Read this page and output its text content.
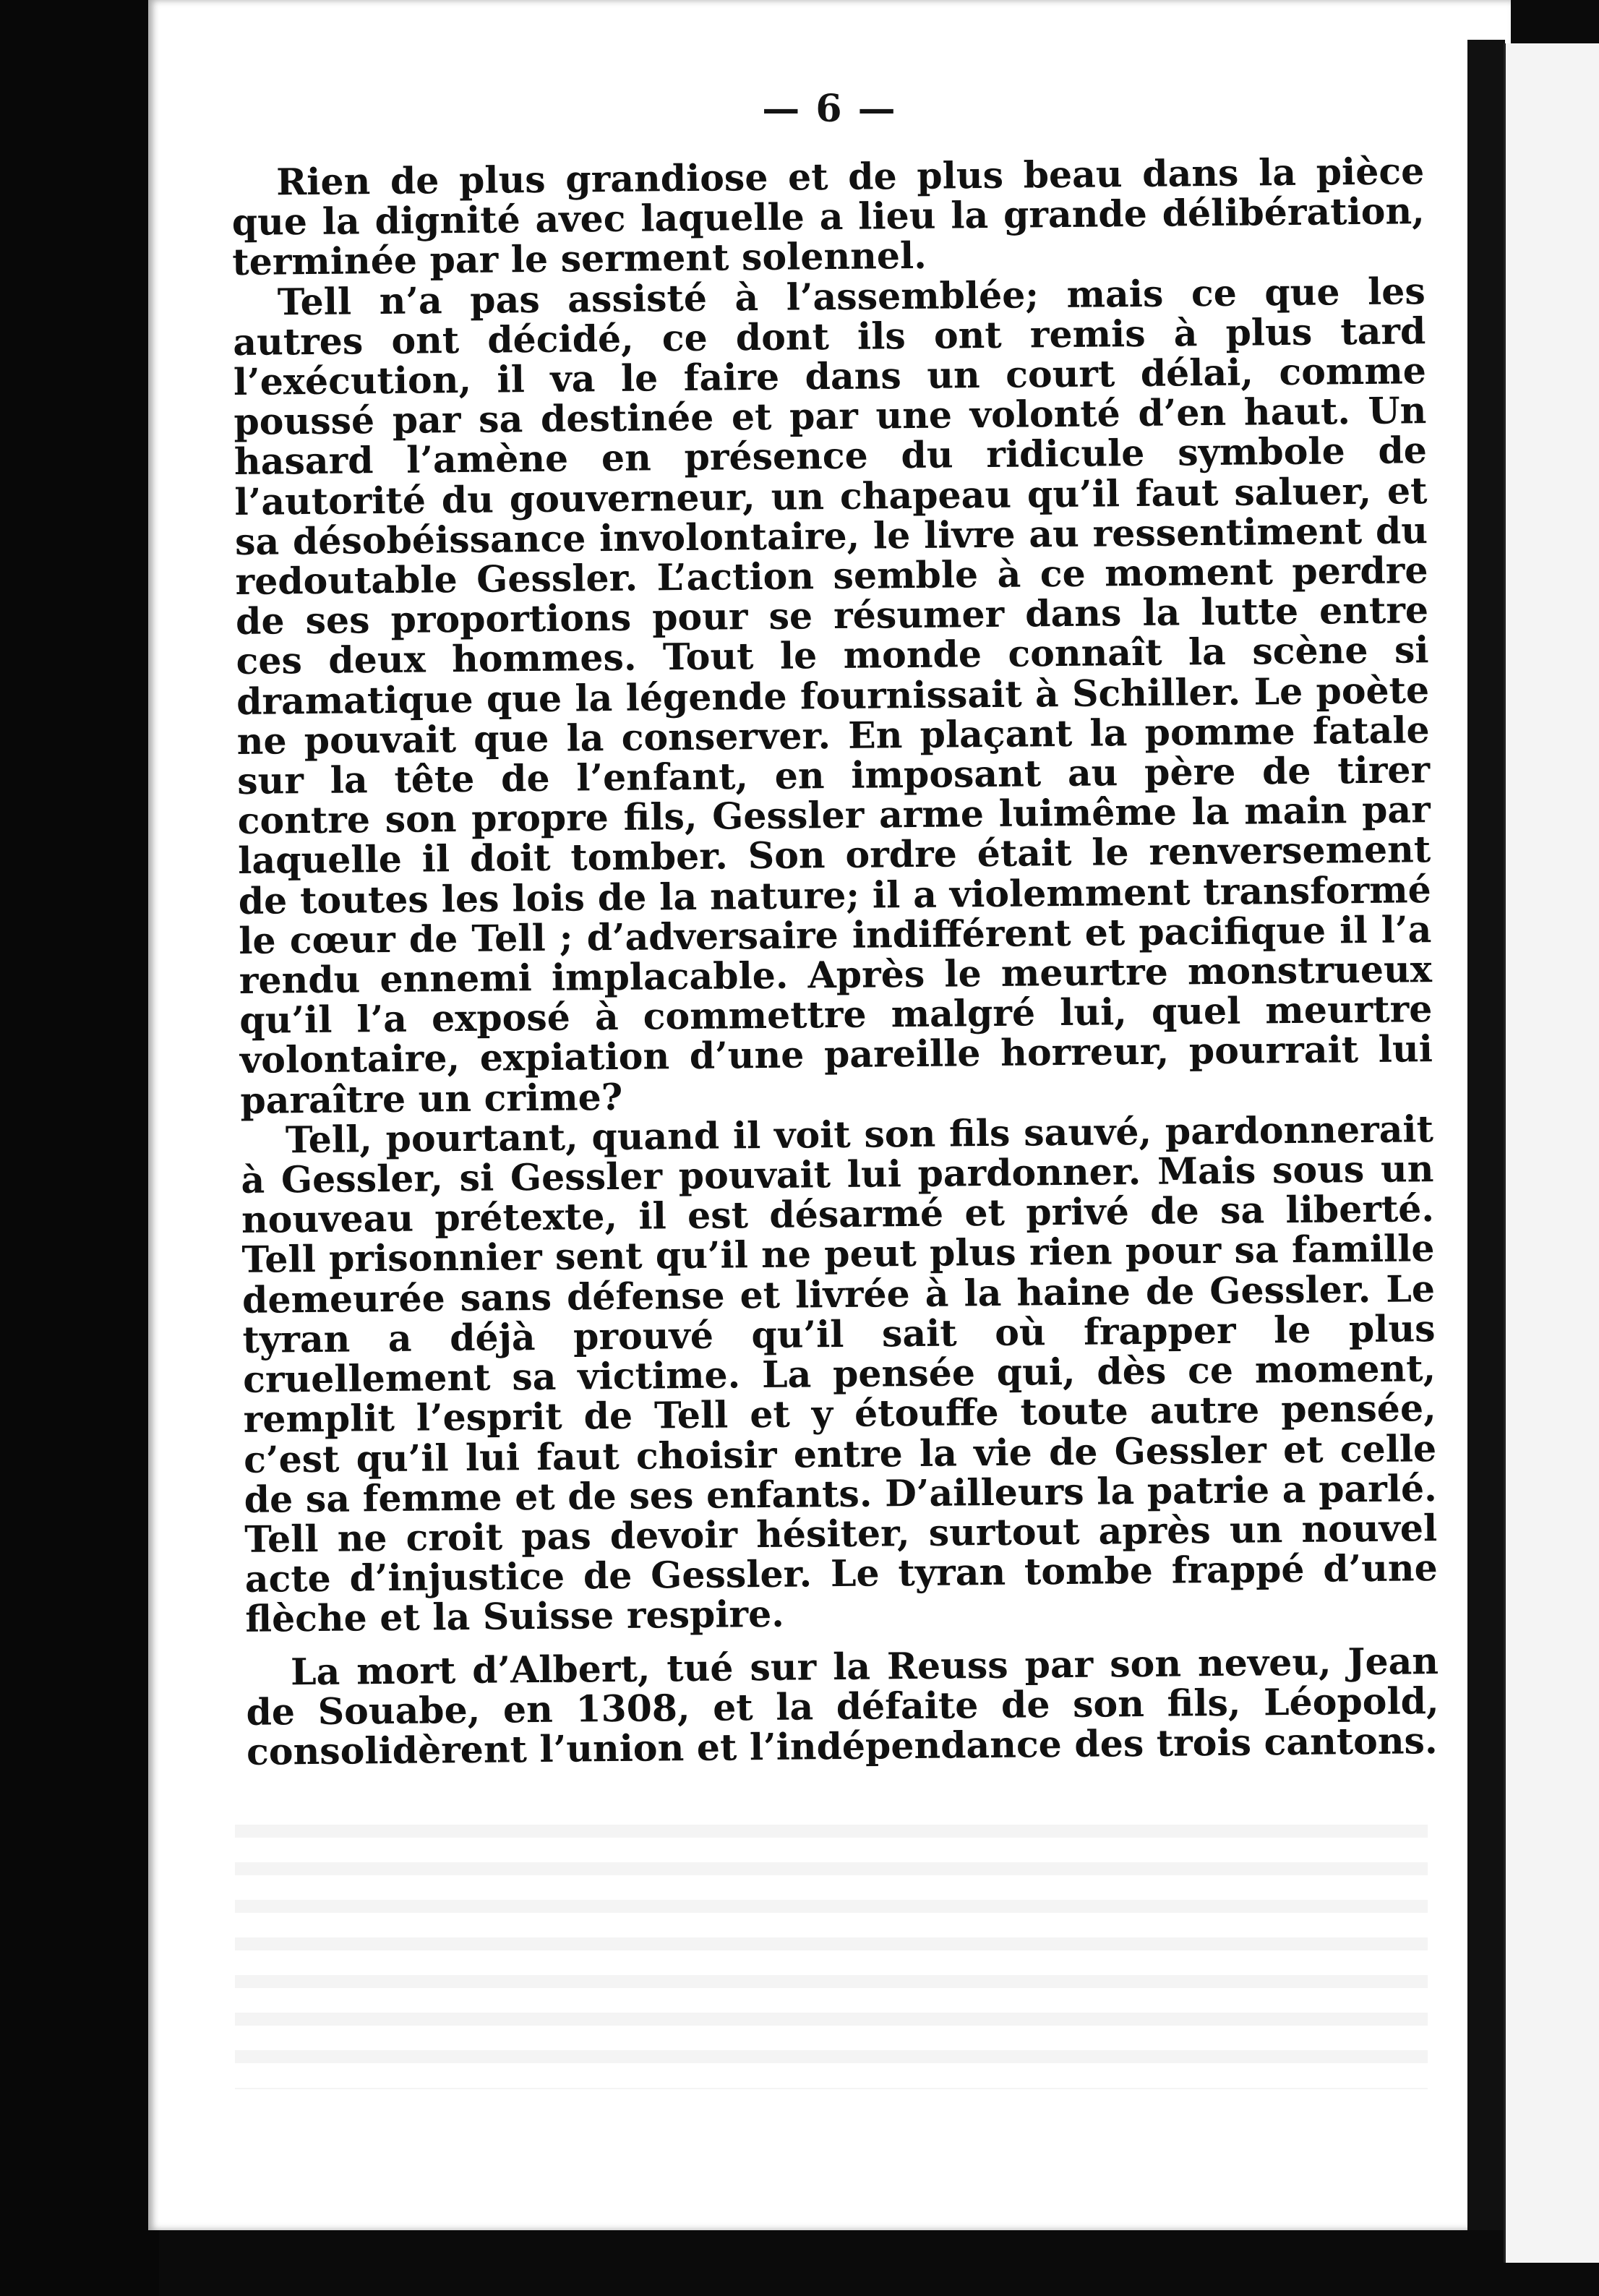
— 6 —

Rien de plus grandiose et de plus beau dans la pièce que la dignité avec laquelle a lieu la grande délibération, terminée par le serment solennel.

Tell n’a pas assisté à l’assemblée; mais ce que les autres ont décidé, ce dont ils ont remis à plus tard l’exécution, il va le faire dans un court délai, comme poussé par sa destinée et par une volonté d’en haut. Un hasard l’amène en présence du ridicule symbole de l’autorité du gouverneur, un chapeau qu’il faut saluer, et sa désobéissance involontaire, le livre au ressentiment du redoutable Gessler. L’action semble à ce moment perdre de ses proportions pour se résumer dans la lutte entre ces deux hommes. Tout le monde connaît la scène si dramatique que la légende fournissait à Schiller. Le poète ne pouvait que la conserver. En plaçant la pomme fatale sur la tête de l’enfant, en imposant au père de tirer contre son propre fils, Gessler arme luimême la main par laquelle il doit tomber. Son ordre était le renversement de toutes les lois de la nature; il a violemment transformé le cœur de Tell ; d’adversaire indifférent et pacifique il l’a rendu ennemi implacable. Après le meurtre monstrueux qu’il l’a exposé à commettre malgré lui, quel meurtre volontaire, expiation d’une pareille horreur, pourrait lui paraître un crime?

Tell, pourtant, quand il voit son fils sauvé, pardonnerait à Gessler, si Gessler pouvait lui pardonner. Mais sous un nouveau prétexte, il est désarmé et privé de sa liberté. Tell prisonnier sent qu’il ne peut plus rien pour sa famille demeurée sans défense et livrée à la haine de Gessler. Le tyran a déjà prouvé qu’il sait où frapper le plus cruellement sa victime. La pensée qui, dès ce moment, remplit l’esprit de Tell et y étouffe toute autre pensée, c’est qu’il lui faut choisir entre la vie de Gessler et celle de sa femme et de ses enfants. D’ailleurs la patrie a parlé. Tell ne croit pas devoir hésiter, surtout après un nouvel acte d’injustice de Gessler. Le tyran tombe frappé d’une flèche et la Suisse respire.

La mort d’Albert, tué sur la Reuss par son neveu, Jean de Souabe, en 1308, et la défaite de son fils, Léopold, consolidèrent l’union et l’indépendance des trois cantons.
